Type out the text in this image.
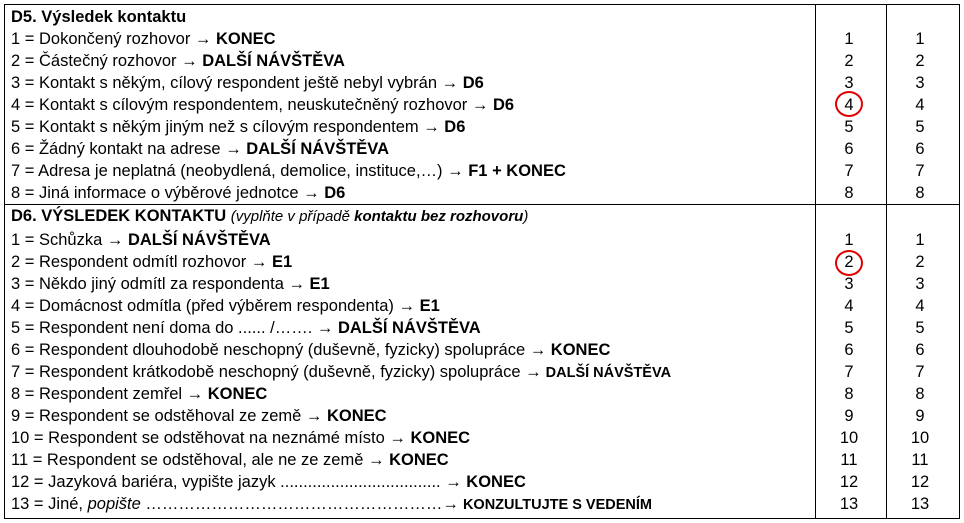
D5. Výsledek kontaktu
1 = Dokončený rozhovor → KONEC	1	1
2 = Částečný rozhovor → DALŠÍ NÁVŠTĚVA	2	2
3 = Kontakt s někým, cílový respondent ještě nebyl vybrán → D6	3	3
4 = Kontakt s cílovým respondentem, neuskutečněný rozhovor → D6	4	4
5 = Kontakt s někým jiným než s cílovým respondentem → D6	5	5
6 = Žádný kontakt na adrese → DALŠÍ NÁVŠTĚVA	6	6
7 = Adresa je neplatná (neobydlená, demolice, instituce,…) → F1 + KONEC	7	7
8 = Jiná informace o výběrové jednotce → D6	8	8
D6. VÝSLEDEK KONTAKTU (vyplňte v případě kontaktu bez rozhovoru)
1 = Schůzka → DALŠÍ NÁVŠTĚVA	1	1
2 = Respondent odmítl rozhovor → E1	2	2
3 = Někdo jiný odmítl za respondenta → E1	3	3
4 = Domácnost odmítla (před výběrem respondenta) → E1	4	4
5 = Respondent není doma do ...... /……. → DALŠÍ NÁVŠTĚVA	5	5
6 = Respondent dlouhodobě neschopný (duševně, fyzicky) spolupráce → KONEC	6	6
7 = Respondent krátkodobě neschopný (duševně, fyzicky) spolupráce → DALŠÍ NÁVŠTĚVA	7	7
8 = Respondent zemřel → KONEC	8	8
9 = Respondent se odstěhoval ze země → KONEC	9	9
10 = Respondent se odstěhovat na neznámé místo → KONEC	10	10
11 = Respondent se odstěhoval, ale ne ze země → KONEC	11	11
12 = Jazyková bariéra, vypište jazyk ................................... → KONEC	12	12
13 = Jiné, popište ………………………………………………→ KONZULTUJTE S VEDENÍM	13	13
